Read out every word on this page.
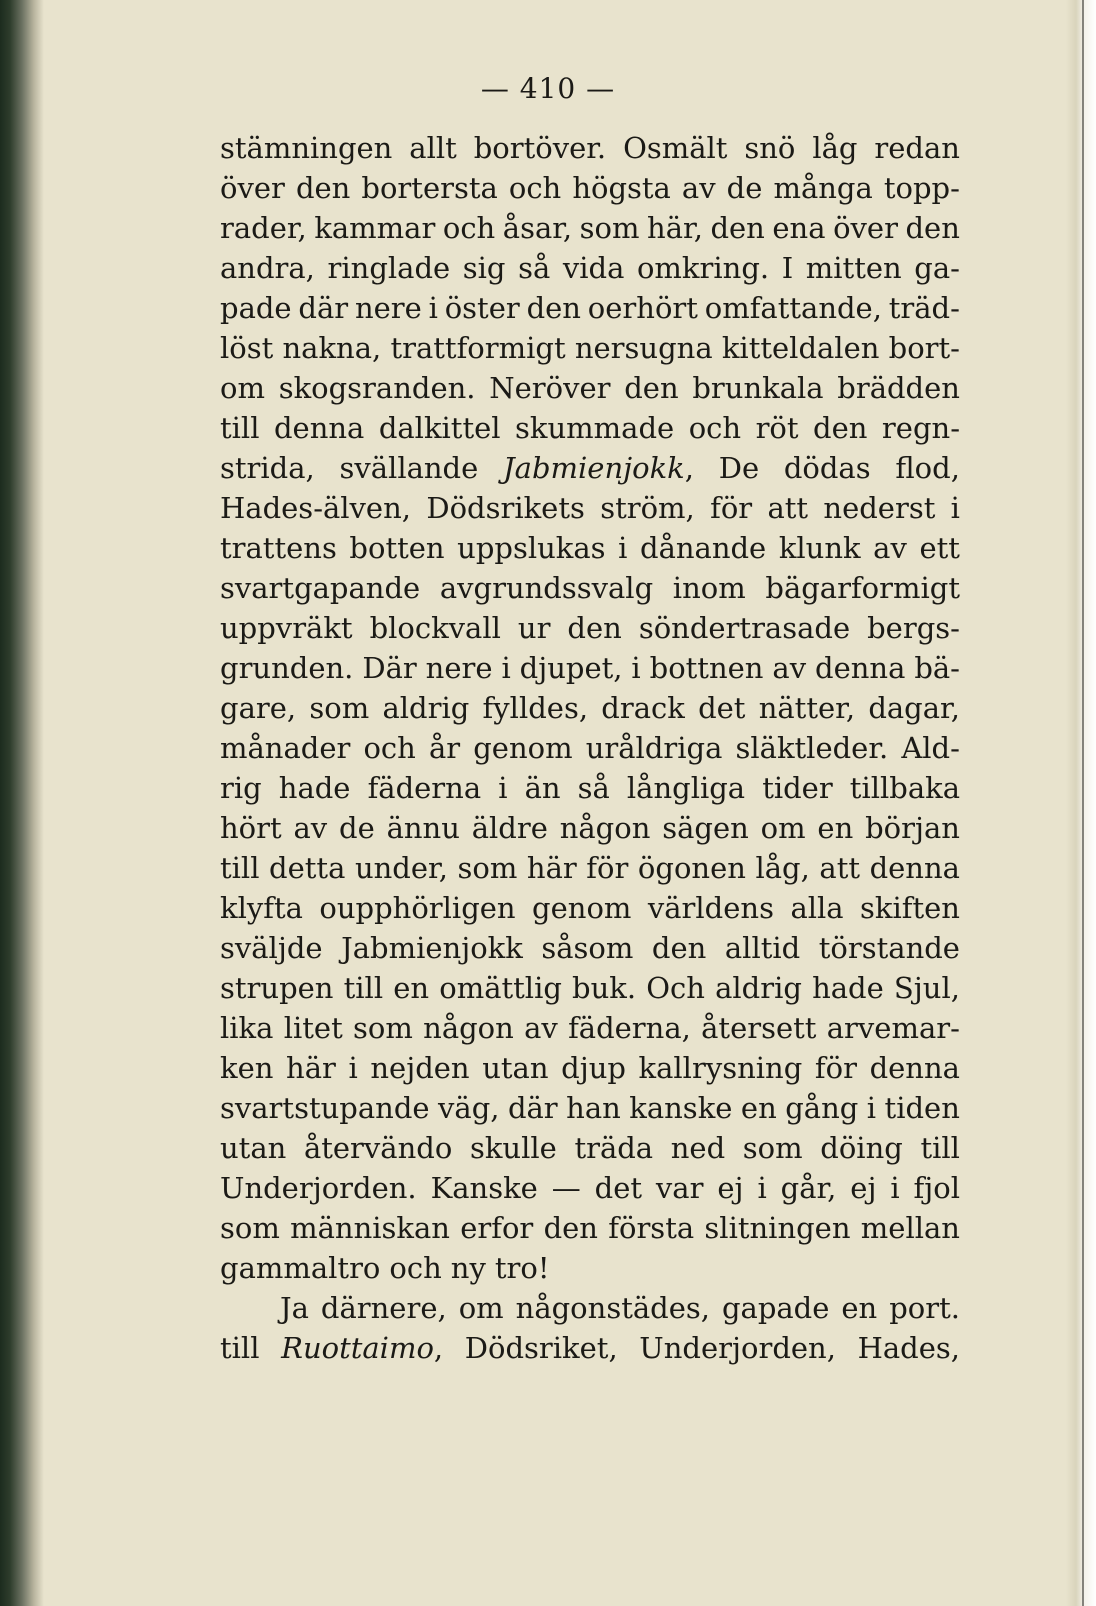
— 410 —

stämningen allt bortöver. Osmält snö låg redan
över den bortersta och högsta av de många topp-
rader, kammar och åsar, som här, den ena över den
andra, ringlade sig så vida omkring. I mitten ga-
pade där nere i öster den oerhört omfattande, träd-
löst nakna, trattformigt nersugna kitteldalen bort-
om skogsranden. Neröver den brunkala brädden
till denna dalkittel skummade och röt den regn-
strida, svällande Jabmienjokk, De dödas flod,
Hades-älven, Dödsrikets ström, för att nederst i
trattens botten uppslukas i dånande klunk av ett
svartgapande avgrundssvalg inom bägarformigt
uppvräkt blockvall ur den söndertrasade bergs-
grunden. Där nere i djupet, i bottnen av denna bä-
gare, som aldrig fylldes, drack det nätter, dagar,
månader och år genom uråldriga släktleder. Ald-
rig hade fäderna i än så långliga tider tillbaka
hört av de ännu äldre någon sägen om en början
till detta under, som här för ögonen låg, att denna
klyfta oupphörligen genom världens alla skiften
sväljde Jabmienjokk såsom den alltid törstande
strupen till en omättlig buk. Och aldrig hade Sjul,
lika litet som någon av fäderna, återsett arvemar-
ken här i nejden utan djup kallrysning för denna
svartstupande väg, där han kanske en gång i tiden
utan återvändo skulle träda ned som döing till
Underjorden. Kanske — det var ej i går, ej i fjol
som människan erfor den första slitningen mellan
gammaltro och ny tro!
Ja därnere, om någonstädes, gapade en port.
till Ruottaimo, Dödsriket, Underjorden, Hades,
